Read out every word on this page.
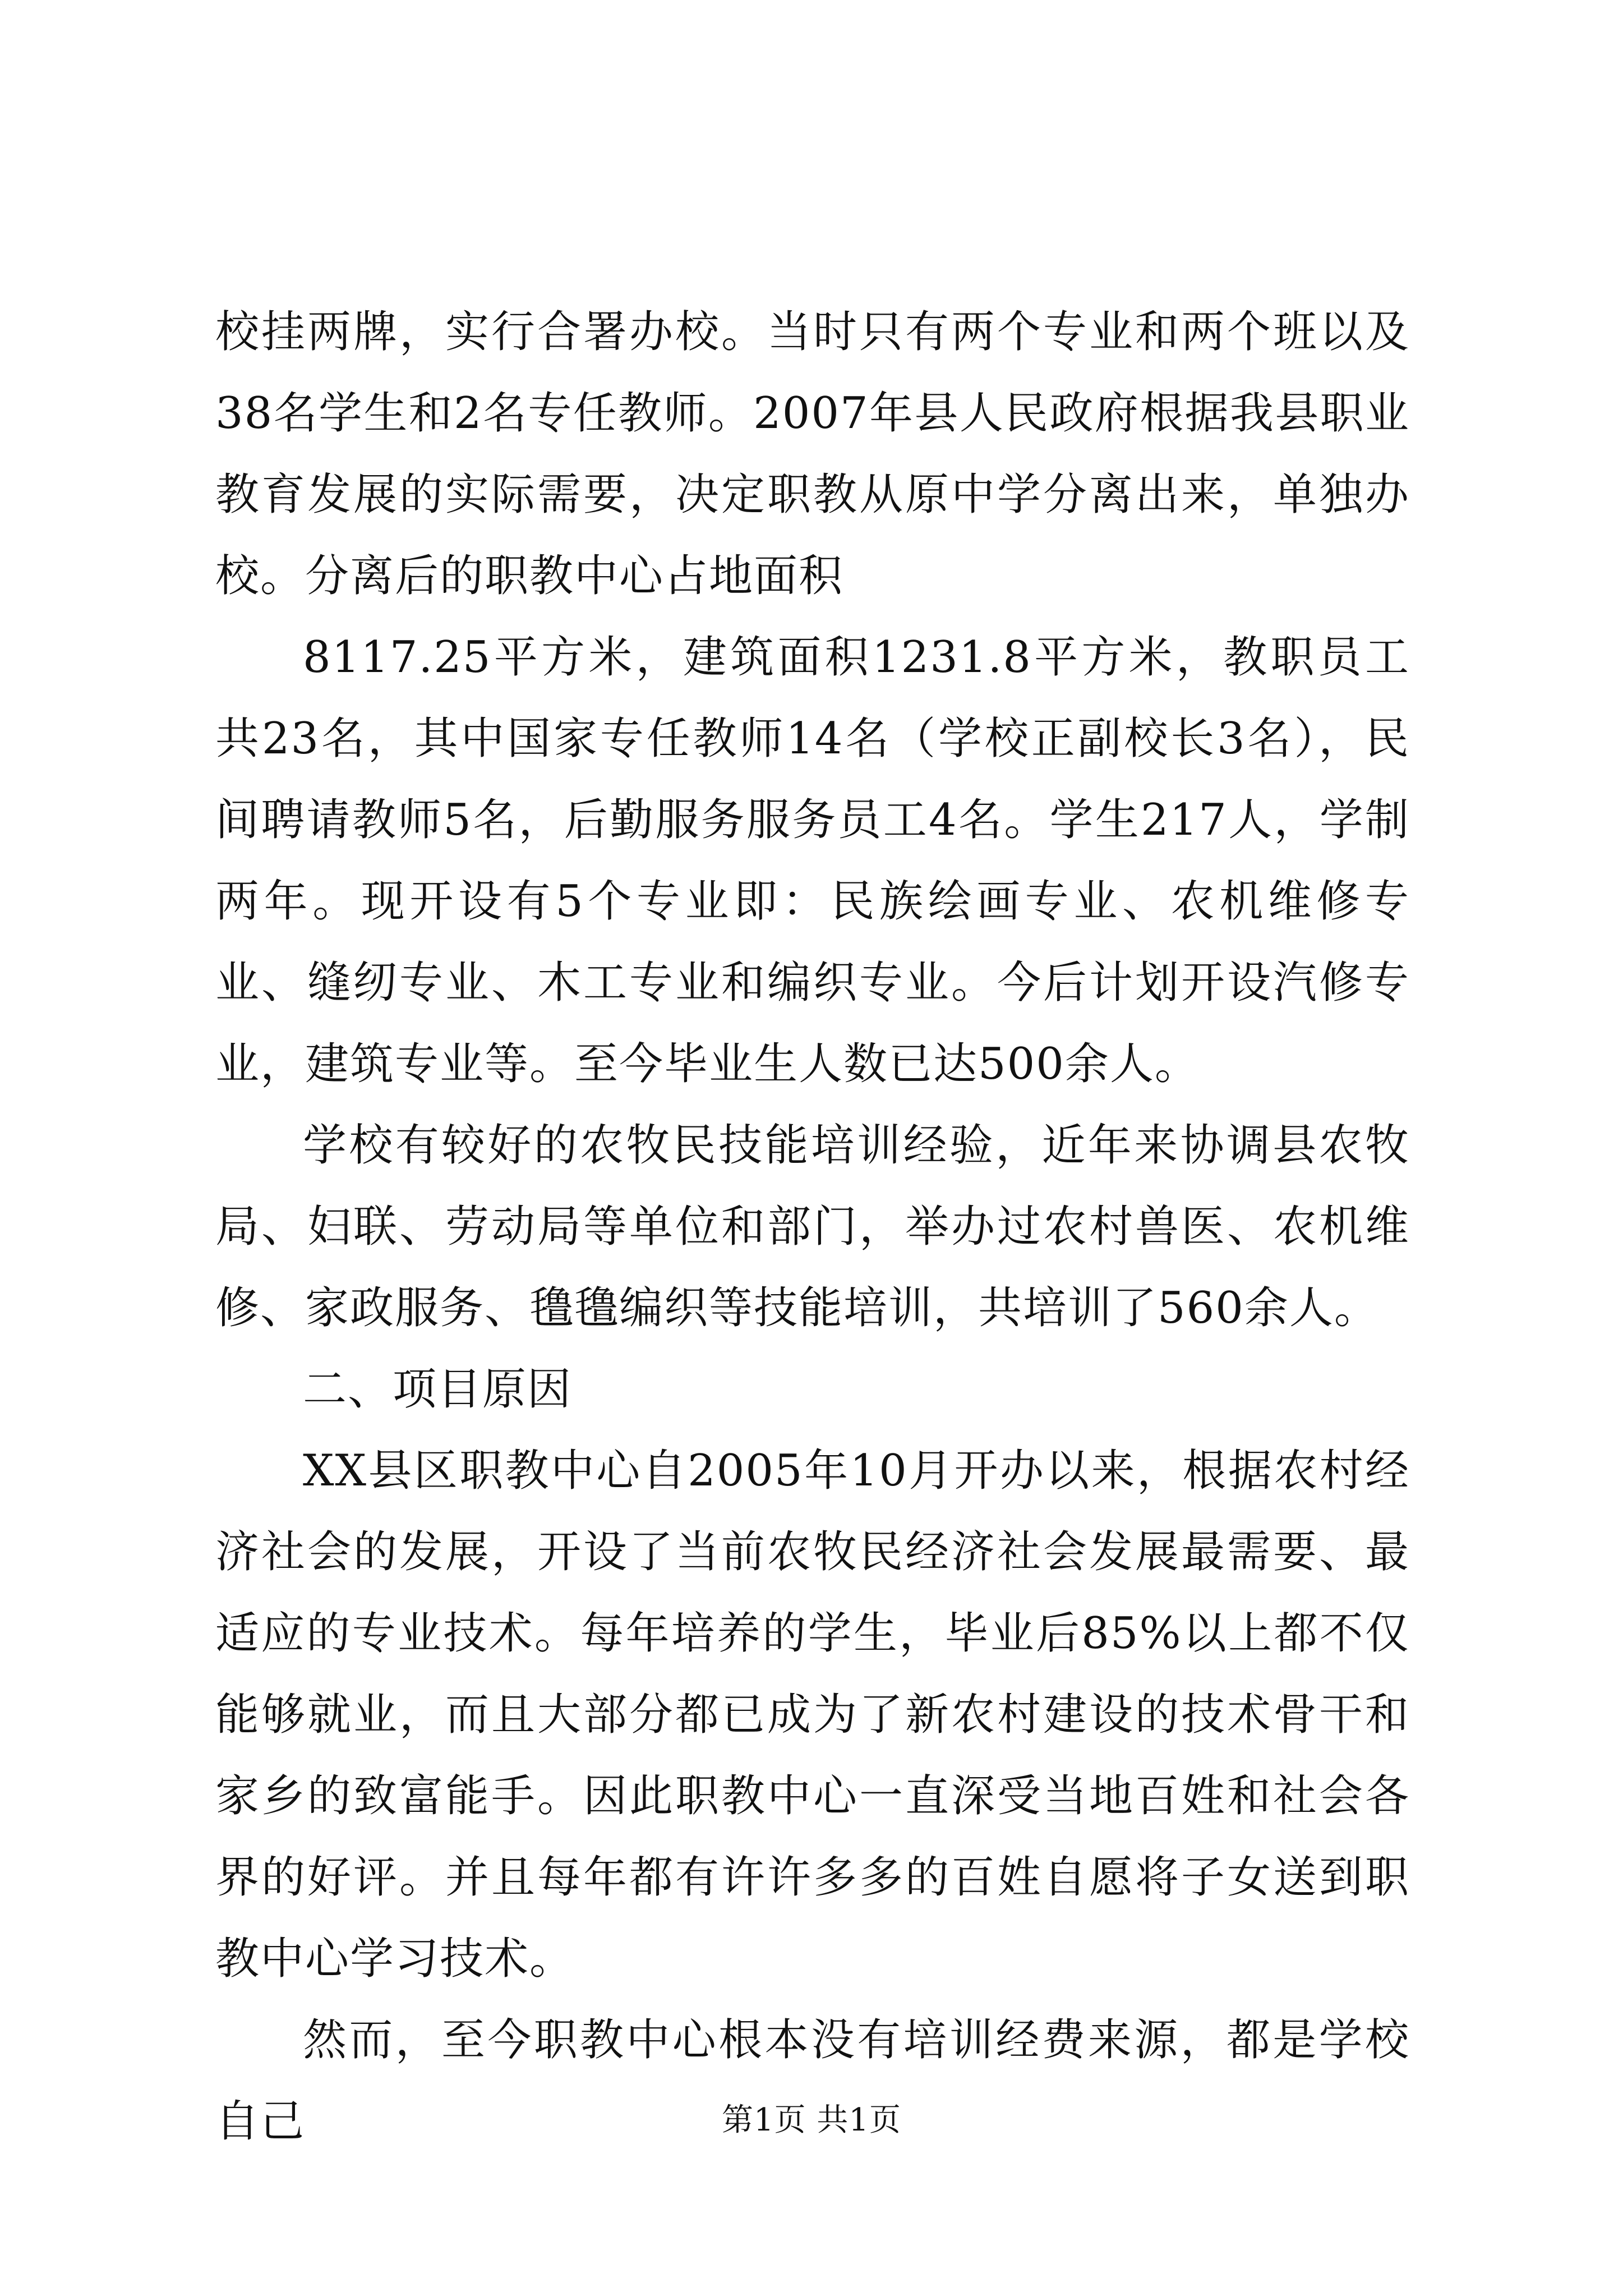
校挂两牌，实行合署办校。当时只有两个专业和两个班以及38名学生和2名专任教师。2007年县人民政府根据我县职业教育发展的实际需要，决定职教从原中学分离出来，单独办校。分离后的职教中心占地面积

8117.25平方米，建筑面积1231.8平方米，教职员工共23名，其中国家专任教师14名（学校正副校长3名），民间聘请教师5名，后勤服务服务员工4名。学生217人，学制两年。现开设有5个专业即：民族绘画专业、农机维修专业、缝纫专业、木工专业和编织专业。今后计划开设汽修专业，建筑专业等。至今毕业生人数已达500余人。

学校有较好的农牧民技能培训经验，近年来协调县农牧局、妇联、劳动局等单位和部门，举办过农村兽医、农机维修、家政服务、氇氇编织等技能培训，共培训了560余人。

二、项目原因

XX县区职教中心自2005年10月开办以来，根据农村经济社会的发展，开设了当前农牧民经济社会发展最需要、最适应的专业技术。每年培养的学生，毕业后85%以上都不仅能够就业，而且大部分都已成为了新农村建设的技术骨干和家乡的致富能手。因此职教中心一直深受当地百姓和社会各界的好评。并且每年都有许许多多的百姓自愿将子女送到职教中心学习技术。

然而，至今职教中心根本没有培训经费来源，都是学校自己	第1页 共1页
